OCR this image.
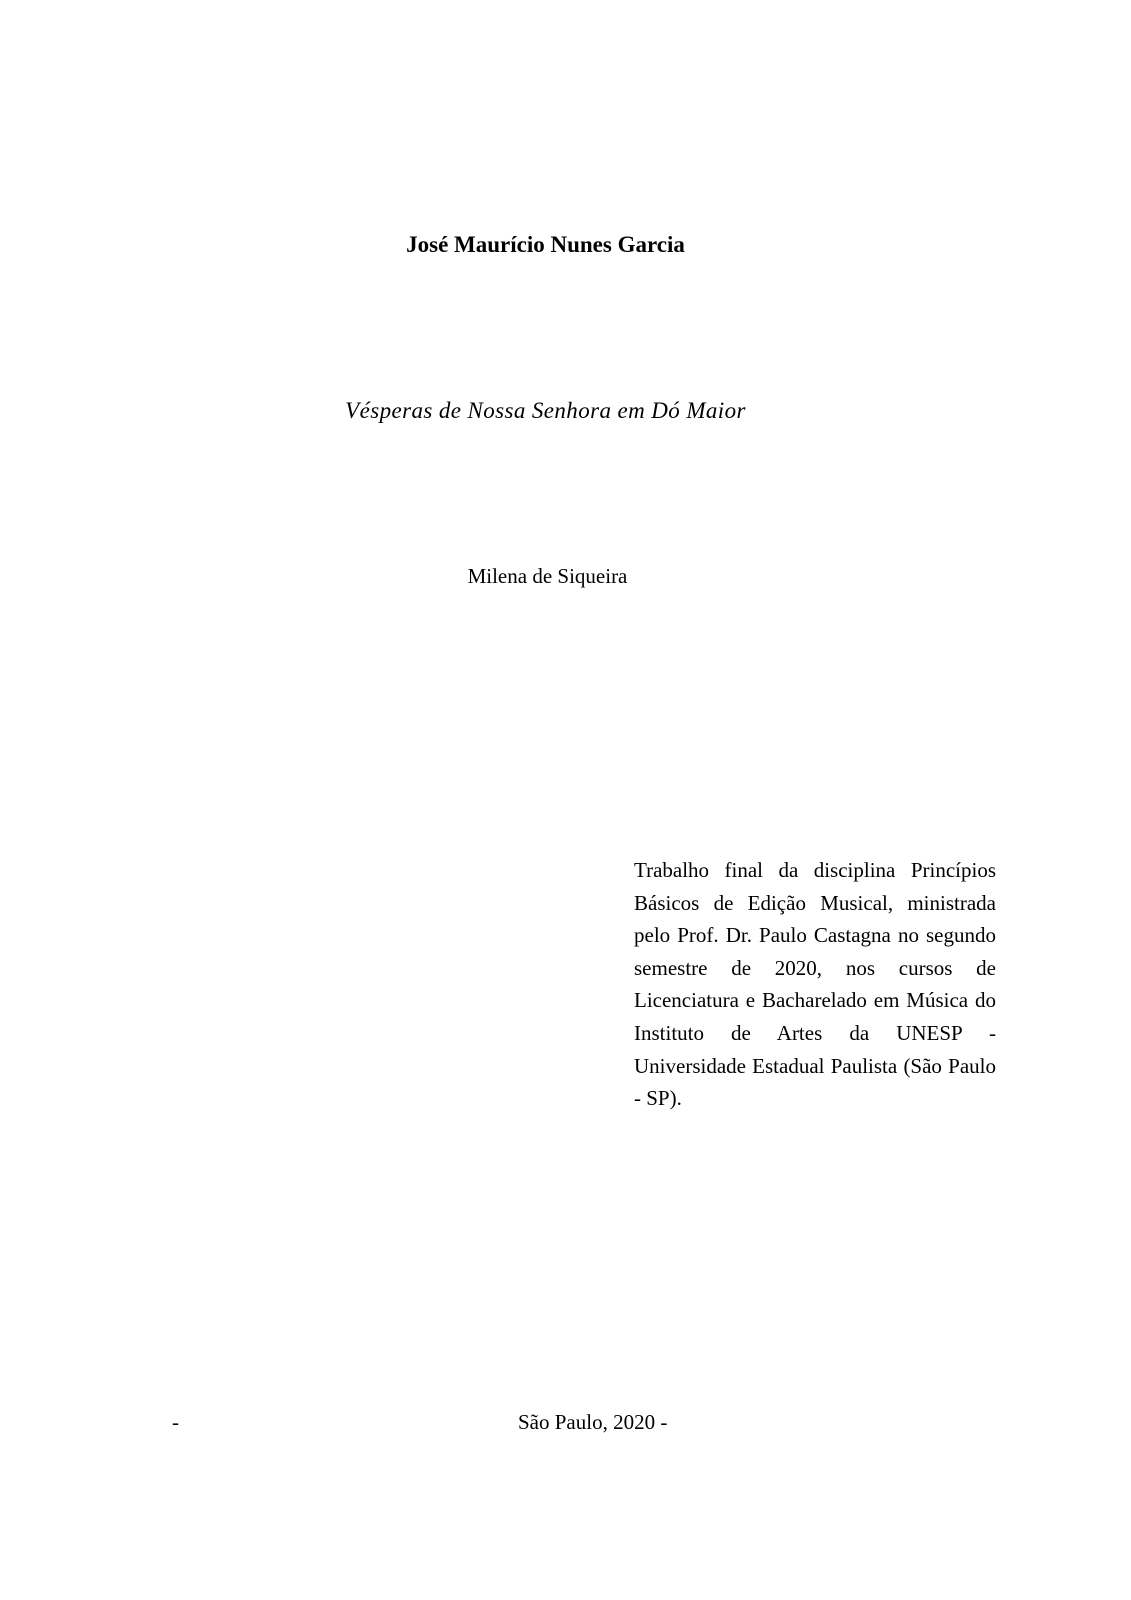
José Maurício Nunes Garcia
Vésperas de Nossa Senhora em Dó Maior
Milena de Siqueira
Trabalho final da disciplina Princípios Básicos de Edição Musical, ministrada pelo Prof. Dr. Paulo Castagna no segundo semestre de 2020, nos cursos de Licenciatura e Bacharelado em Música do Instituto de Artes da UNESP - Universidade Estadual Paulista (São Paulo - SP).
-	São Paulo, 2020 -
